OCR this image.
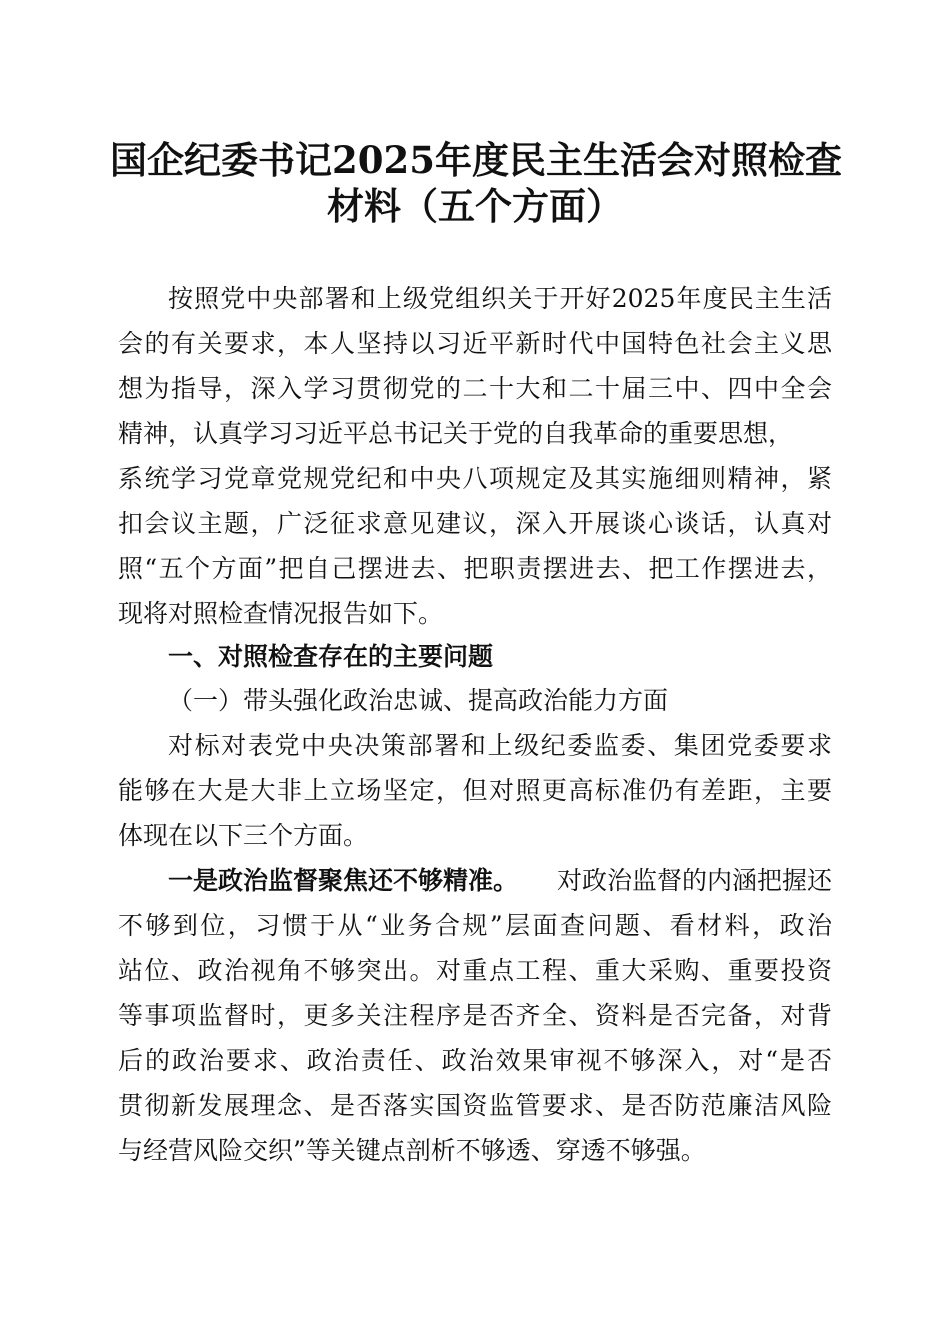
国企纪委书记2025年度民主生活会对照检查
材料（五个方面）
按照党中央部署和上级党组织关于开好2025年度民主生活
会的有关要求，本人坚持以习近平新时代中国特色社会主义思
想为指导，深入学习贯彻党的二十大和二十届三中、四中全会
精神，认真学习习近平总书记关于党的自我革命的重要思想，
系统学习党章党规党纪和中央八项规定及其实施细则精神，紧
扣会议主题，广泛征求意见建议，深入开展谈心谈话，认真对
照“五个方面”把自己摆进去、把职责摆进去、把工作摆进去，
现将对照检查情况报告如下。
一、对照检查存在的主要问题
（一）带头强化政治忠诚、提高政治能力方面
对标对表党中央决策部署和上级纪委监委、集团党委要求
能够在大是大非上立场坚定，但对照更高标准仍有差距，主要
体现在以下三个方面。
一是政治监督聚焦还不够精准。 对政治监督的内涵把握还
不够到位，习惯于从“业务合规”层面查问题、看材料，政治
站位、政治视角不够突出。对重点工程、重大采购、重要投资
等事项监督时，更多关注程序是否齐全、资料是否完备，对背
后的政治要求、政治责任、政治效果审视不够深入，对“是否
贯彻新发展理念、是否落实国资监管要求、是否防范廉洁风险
与经营风险交织”等关键点剖析不够透、穿透不够强。
